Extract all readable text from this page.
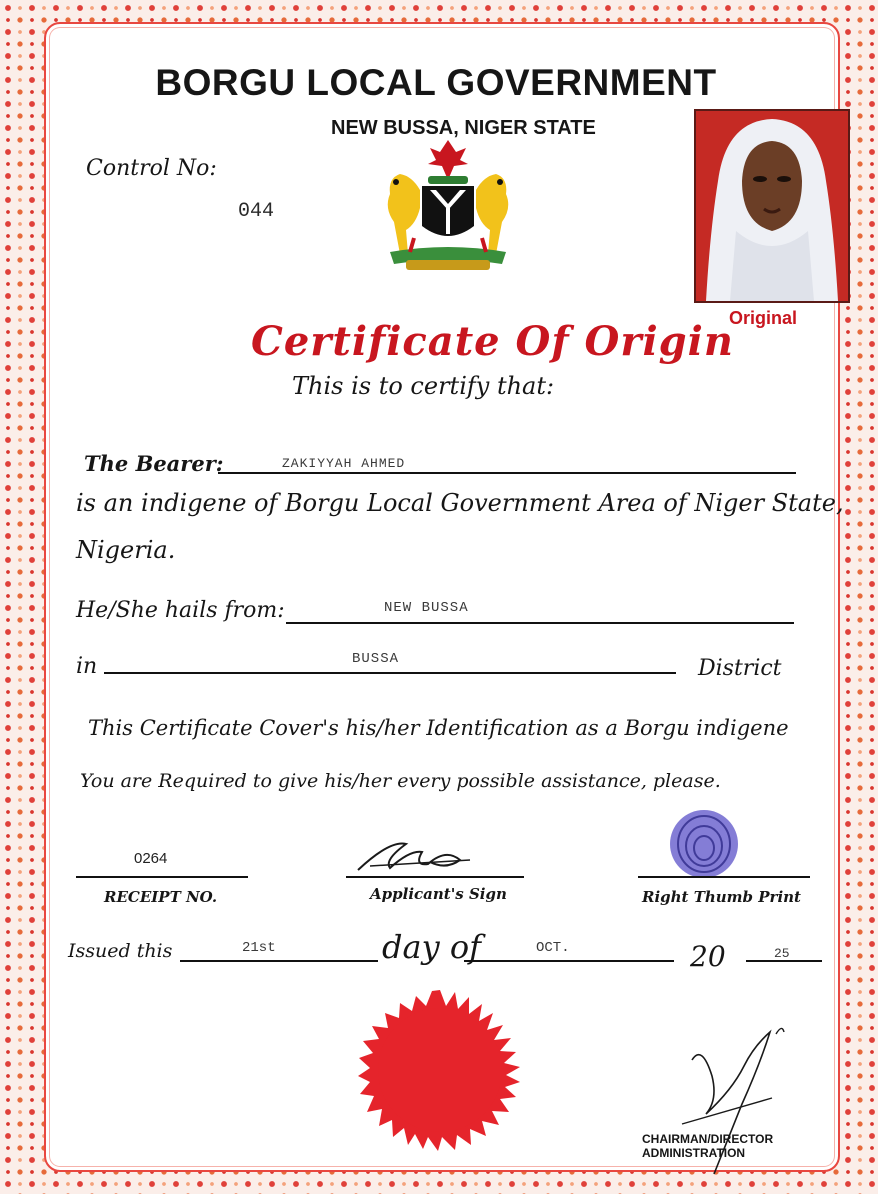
BORGU LOCAL GOVERNMENT
NEW BUSSA, NIGER STATE
Control No:
044
Original
Certificate Of Origin
This is to certify that:
The Bearer:	ZAKIYYAH AHMED
is an indigene of Borgu Local Government Area of Niger State,
Nigeria.
He/She hails from:	NEW BUSSA
in	BUSSA	District
This Certificate Cover's his/her Identification as a Borgu indigene
You are Required to give his/her every possible assistance, please.
0264
RECEIPT NO.	Applicant's Sign	Right Thumb Print
Issued this	21st	day of	OCT.	20	25
CHAIRMAN/DIRECTOR ADMINISTRATION
